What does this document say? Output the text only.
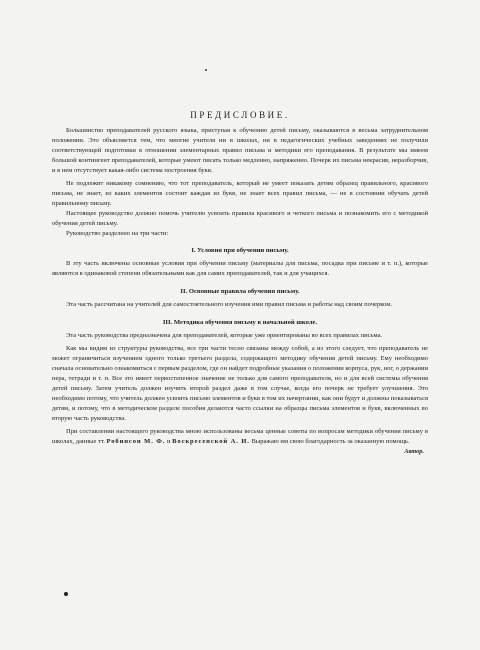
ПРЕДИСЛОВИЕ.

Большинство преподавателей русского языка, приступая к обучению детей письму, оказываются в весьма затруднительном положении. Это объясняется тем, что многие учителя ни в школах, ни в педагогических учебных заведениях не получили соответствующей подготовки в отношении элементарных правил письма и методики его преподавания. В результате мы имеем большой контингент преподавателей, которые умеют писать только медленно, напряженно. Почерк их письма некрасив, неразборчив, и в нем отсутствует какая-либо система построения букв.

Не подлежит никакому сомнению, что тот преподаватель, который не умеет показать детям образец правильного, красивого письма, не знает, из каких элементов состоит каждая из букв, не знает всех правил письма, — не в состоянии обучать детей правильному письму.

Настоящее руководство должно помочь учителю усвоить правила красивого и четкого письма и познакомить его с методикой обучения детей письму.

Руководство разделено на три части:

I. Условия при обучении письму.

В эту часть включены основные условия при обучении письму (материалы для письма, посадка при письме и т. п.), которые являются в одинаковой степени обязательными как для самих преподавателей, так и для учащихся.

II. Основные правила обучения письму.

Эта часть рассчитана на учителей для самостоятельного изучения ими правил письма и работы над своим почерком.

III. Методика обучения письму в начальной школе.

Эта часть руководства предназначена для преподавателей, которые уже ориентированы во всех правилах письма.

Как мы видим из структуры руководства, все три части тесно связаны между собой, а из этого следует, что преподаватель не может ограничиться изучением одного только третьего раздела, содержащего методику обучения детей письму. Ему необходимо сначала основательно ознакомиться с первым разделом, где он найдет подробные указания о положении корпуса, рук, ног, о держании пера, тетради и т. п. Все это имеет первостепенное значение не только для самого преподавателя, но и для всей системы обучения детей письму. Затем учитель должен изучить второй раздел даже в том случае, когда его почерк не требует улучшения. Это необходимо потому, что учитель должен усвоить письмо элементов и букв в том их начертании, как они будут и должны показываться детям, и потому, что в методическом разделе пособия делаются часто ссылки на образцы письма элементов и букв, включенных во вторую часть руководства.

При составлении настоящего руководства мною использованы весьма ценные советы по вопросам методики обучения письму в школах, данные тт. Робинсон М. Ф. и Воскресенской А. И. Выражаю им свою благодарность за оказанную помощь.

Автор.
